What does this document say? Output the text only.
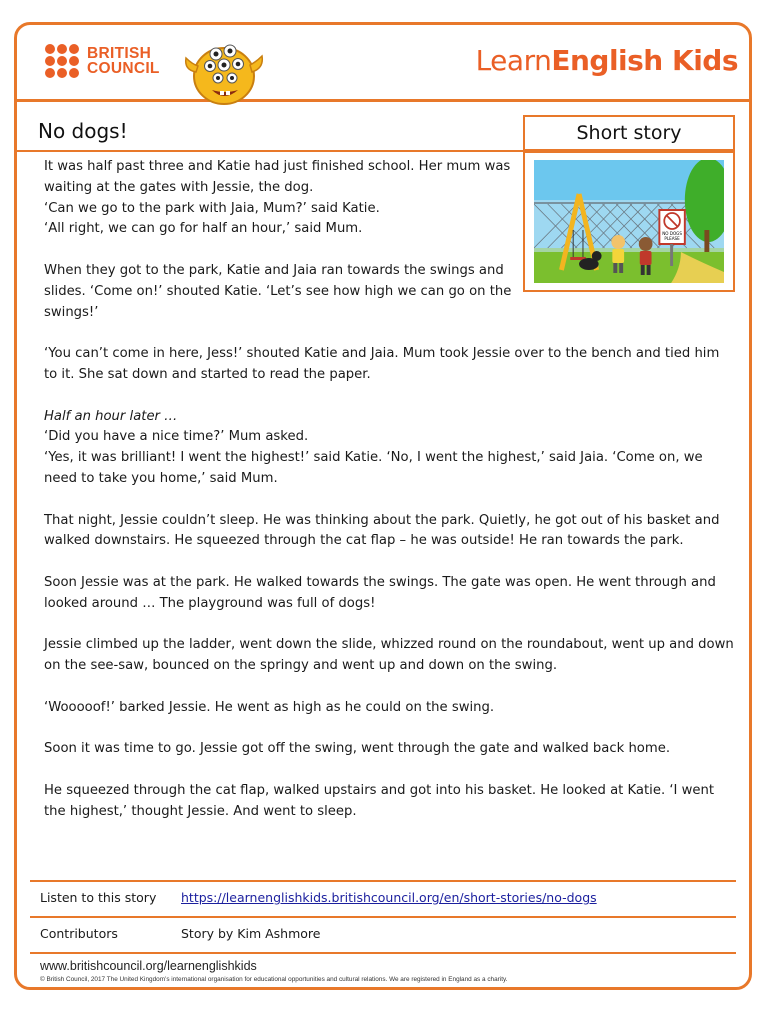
BRITISH
COUNCIL	LearnEnglish Kids
No dogs!	Short story
NO DOGS
PLEASE

It was half past three and Katie had just finished school. Her mum was waiting at the gates with Jessie, the dog.

‘Can we go to the park with Jaia, Mum?’ said Katie.

‘All right, we can go for half an hour,’ said Mum.

When they got to the park, Katie and Jaia ran towards the swings and slides. ‘Come on!’ shouted Katie. ‘Let’s see how high we can go on the swings!’

‘You can’t come in here, Jess!’ shouted Katie and Jaia. Mum took Jessie over to the bench and tied him to it. She sat down and started to read the paper.

Half an hour later …

‘Did you have a nice time?’ Mum asked.

‘Yes, it was brilliant! I went the highest!’ said Katie. ‘No, I went the highest,’ said Jaia. ‘Come on, we need to take you home,’ said Mum.

That night, Jessie couldn’t sleep. He was thinking about the park. Quietly, he got out of his basket and walked downstairs. He squeezed through the cat flap – he was outside! He ran towards the park.

Soon Jessie was at the park. He walked towards the swings. The gate was open. He went through and looked around … The playground was full of dogs!

Jessie climbed up the ladder, went down the slide, whizzed round on the roundabout, went up and down on the see-saw, bounced on the springy and went up and down on the swing.

‘Wooooof!’ barked Jessie. He went as high as he could on the swing.

Soon it was time to go. Jessie got off the swing, went through the gate and walked back home.

He squeezed through the cat flap, walked upstairs and got into his basket. He looked at Katie. ‘I went the highest,’ thought Jessie. And went to sleep.

Listen to this story	https://learnenglishkids.britishcouncil.org/en/short-stories/no-dogs
Contributors	Story by Kim Ashmore
www.britishcouncil.org/learnenglishkids
© British Council, 2017 The United Kingdom’s international organisation for educational opportunities and cultural relations. We are registered in England as a charity.
